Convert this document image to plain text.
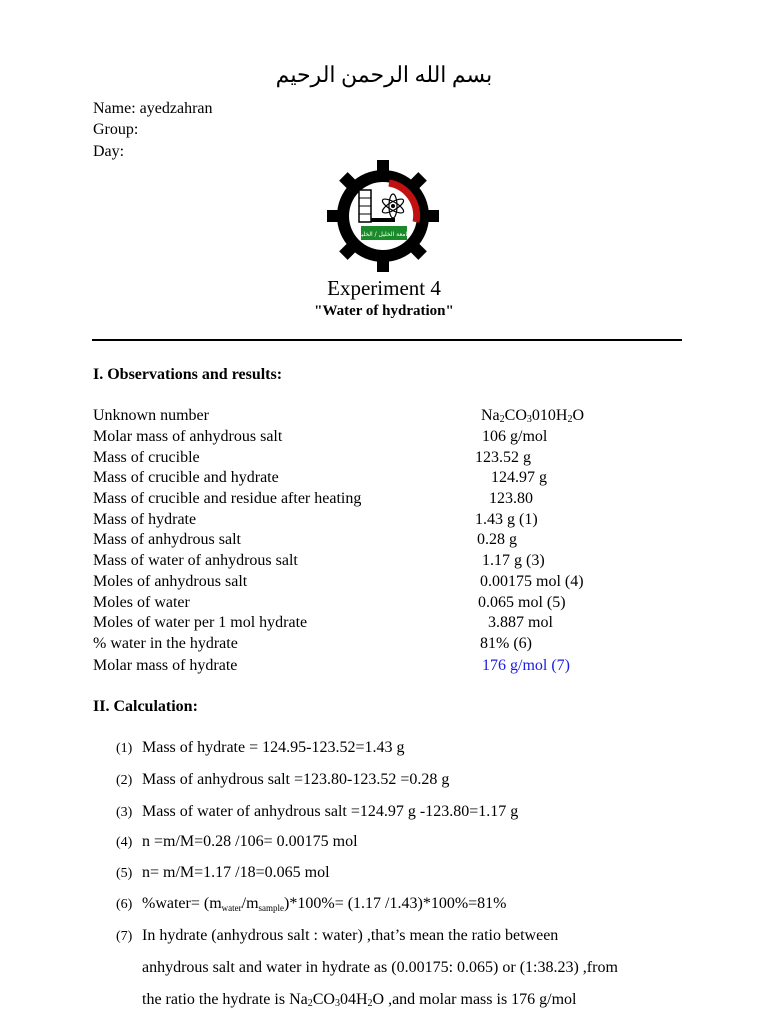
بسم الله الرحمن الرحيم
Name: ayedzahran
Group:
Day:
جامعة الخليل / الخليل
Experiment 4
"Water of hydration"
I. Observations and results:
Unknown number	$Na_2CO_3010H_2O$
Molar mass of anhydrous salt	106 g/mol
Mass of crucible	123.52 g
Mass of crucible and hydrate	124.97 g
Mass of crucible and residue after heating	123.80
Mass of hydrate	1.43 g (1)
Mass of anhydrous salt	0.28 g
Mass of water of anhydrous salt	1.17 g (3)
Moles of anhydrous salt	0.00175 mol (4)
Moles of water	0.065 mol (5)
Moles of water per 1 mol hydrate	3.887 mol
% water in the hydrate	81% (6)
Molar mass of hydrate	176 g/mol (7)
II. Calculation:
(1) Mass of hydrate = 124.95-123.52=1.43 g
(2) Mass of anhydrous salt =123.80-123.52 =0.28 g
(3) Mass of water of anhydrous salt =124.97 g -123.80=1.17 g
(4) n =m/M=0.28 /106= 0.00175 mol
(5) n= m/M=1.17 /18=0.065 mol
(6) %water= $(m_{water}/m_{sample})*100\%= (1.17$ /1.43)*100%=81%
(7) In hydrate (anhydrous salt : water) ,that’s mean the ratio between
anhydrous salt and water in hydrate as (0.00175: 0.065) or (1:38.23) ,from
the ratio the hydrate is $Na_2CO_304H_2O$ ,and molar mass is 176 g/mol
